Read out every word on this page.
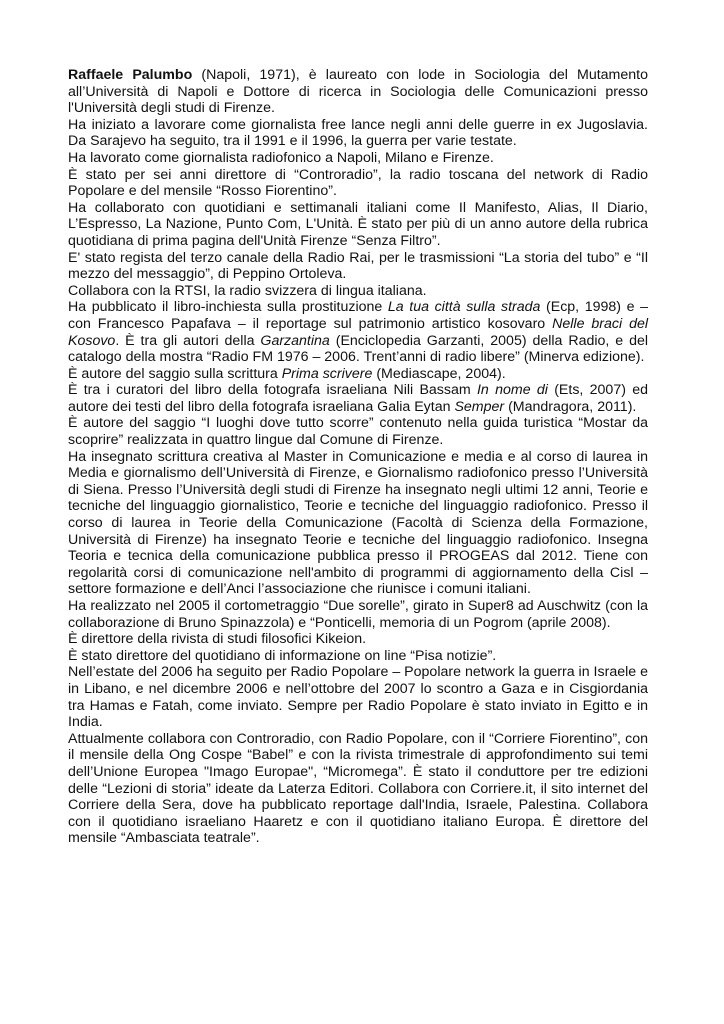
Raffaele Palumbo (Napoli, 1971), è laureato con lode in Sociologia del Mutamento all’Università di Napoli e Dottore di ricerca in Sociologia delle Comunicazioni presso l'Università degli studi di Firenze.

Ha iniziato a lavorare come giornalista free lance negli anni delle guerre in ex Jugoslavia. Da Sarajevo ha seguito, tra il 1991 e il 1996, la guerra per varie testate.

Ha lavorato come giornalista radiofonico a Napoli, Milano e Firenze.

È stato per sei anni direttore di “Controradio”, la radio toscana del network di Radio Popolare e del mensile “Rosso Fiorentino”.

Ha collaborato con quotidiani e settimanali italiani come Il Manifesto, Alias, Il Diario, L’Espresso, La Nazione, Punto Com, L'Unità. È stato per più di un anno autore della rubrica quotidiana di prima pagina dell'Unità Firenze “Senza Filtro”.

E' stato regista del terzo canale della Radio Rai, per le trasmissioni “La storia del tubo” e “Il mezzo del messaggio”, di Peppino Ortoleva.

Collabora con la RTSI, la radio svizzera di lingua italiana.

Ha pubblicato il libro-inchiesta sulla prostituzione La tua città sulla strada (Ecp, 1998) e – con Francesco Papafava – il reportage sul patrimonio artistico kosovaro Nelle braci del Kosovo. È tra gli autori della Garzantina (Enciclopedia Garzanti, 2005) della Radio, e del catalogo della mostra “Radio FM 1976 – 2006. Trent’anni di radio libere” (Minerva edizione).

È autore del saggio sulla scrittura Prima scrivere (Mediascape, 2004).

È tra i curatori del libro della fotografa israeliana Nili Bassam In nome di (Ets, 2007) ed autore dei testi del libro della fotografa israeliana Galia Eytan Semper (Mandragora, 2011).

È autore del saggio “I luoghi dove tutto scorre” contenuto nella guida turistica “Mostar da scoprire” realizzata in quattro lingue dal Comune di Firenze.

Ha insegnato scrittura creativa al Master in Comunicazione e media e al corso di laurea in Media e giornalismo dell’Università di Firenze, e Giornalismo radiofonico presso l’Università di Siena. Presso l’Università degli studi di Firenze ha insegnato negli ultimi 12 anni, Teorie e tecniche del linguaggio giornalistico, Teorie e tecniche del linguaggio radiofonico. Presso il corso di laurea in Teorie della Comunicazione (Facoltà di Scienza della Formazione, Università di Firenze) ha insegnato Teorie e tecniche del linguaggio radiofonico. Insegna Teoria e tecnica della comunicazione pubblica presso il PROGEAS dal 2012. Tiene con regolarità corsi di comunicazione nell'ambito di programmi di aggiornamento della Cisl – settore formazione e dell’Anci l’associazione che riunisce i comuni italiani.

Ha realizzato nel 2005 il cortometraggio “Due sorelle”, girato in Super8 ad Auschwitz (con la collaborazione di Bruno Spinazzola) e “Ponticelli, memoria di un Pogrom (aprile 2008).

È direttore della rivista di studi filosofici Kikeion.

È stato direttore del quotidiano di informazione on line “Pisa notizie”.

Nell’estate del 2006 ha seguito per Radio Popolare – Popolare network la guerra in Israele e in Libano, e nel dicembre 2006 e nell’ottobre del 2007 lo scontro a Gaza e in Cisgiordania tra Hamas e Fatah, come inviato. Sempre per Radio Popolare è stato inviato in Egitto e in India.

Attualmente collabora con Controradio, con Radio Popolare, con il “Corriere Fiorentino”, con il mensile della Ong Cospe “Babel” e con la rivista trimestrale di approfondimento sui temi dell’Unione Europea "Imago Europae", “Micromega”. È stato il conduttore per tre edizioni delle “Lezioni di storia” ideate da Laterza Editori. Collabora con Corriere.it, il sito internet del Corriere della Sera, dove ha pubblicato reportage dall'India, Israele, Palestina. Collabora con il quotidiano israeliano Haaretz e con il quotidiano italiano Europa. È direttore del mensile “Ambasciata teatrale”.
